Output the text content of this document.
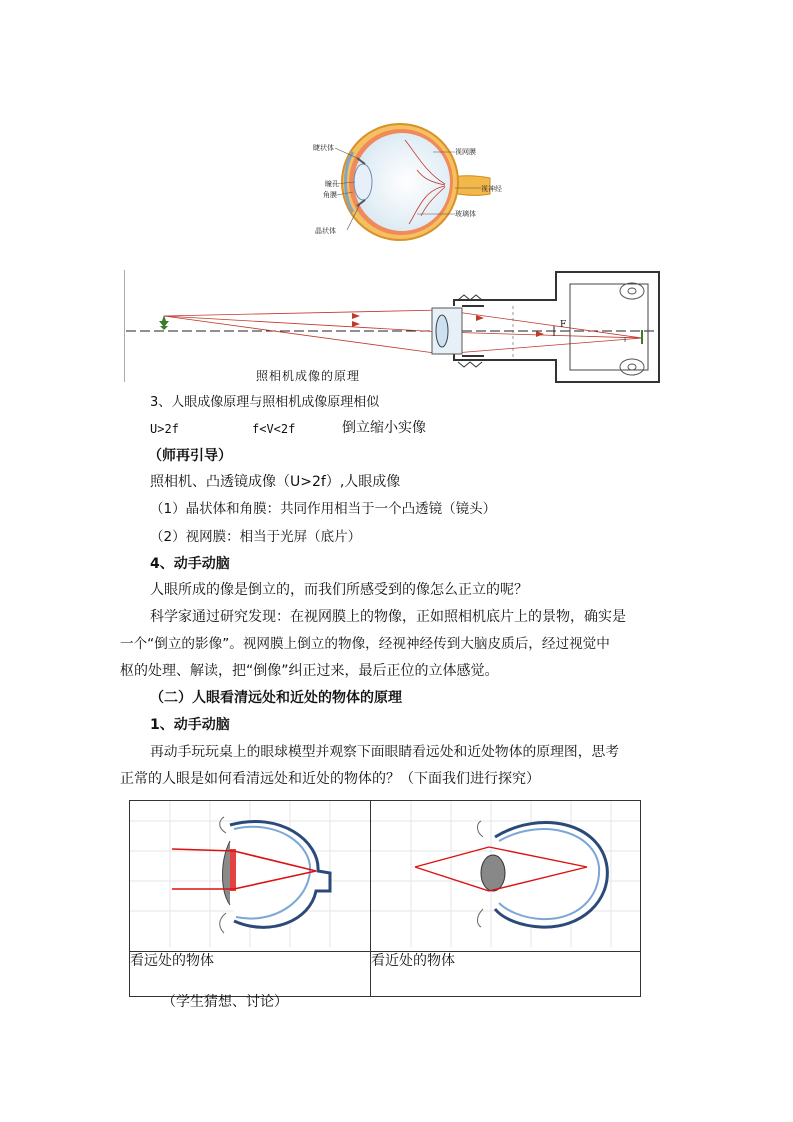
睫状体	视网膜
瞳孔
角膜
视神经
玻璃体
晶状体
F
I
照相机成像的原理
3、人眼成像原理与照相机成像原理相似
U>2f	f<V<2f	倒立缩小实像
（师再引导）
照相机、凸透镜成像（U>2f）,人眼成像
（1）晶状体和角膜：共同作用相当于一个凸透镜（镜头）
（2）视网膜：相当于光屏（底片）
4、动手动脑
人眼所成的像是倒立的，而我们所感受到的像怎么正立的呢？
科学家通过研究发现：在视网膜上的物像，正如照相机底片上的景物，确实是
一个“倒立的影像”。视网膜上倒立的物像，经视神经传到大脑皮质后，经过视觉中
枢的处理、解读，把“倒像”纠正过来，最后正位的立体感觉。
（二）人眼看清远处和近处的物体的原理
1、动手动脑
再动手玩玩桌上的眼球模型并观察下面眼睛看远处和近处物体的原理图，思考
正常的人眼是如何看清远处和近处的物体的？（下面我们进行探究）

看远处的物体	看近处的物体
（学生猜想、讨论）
